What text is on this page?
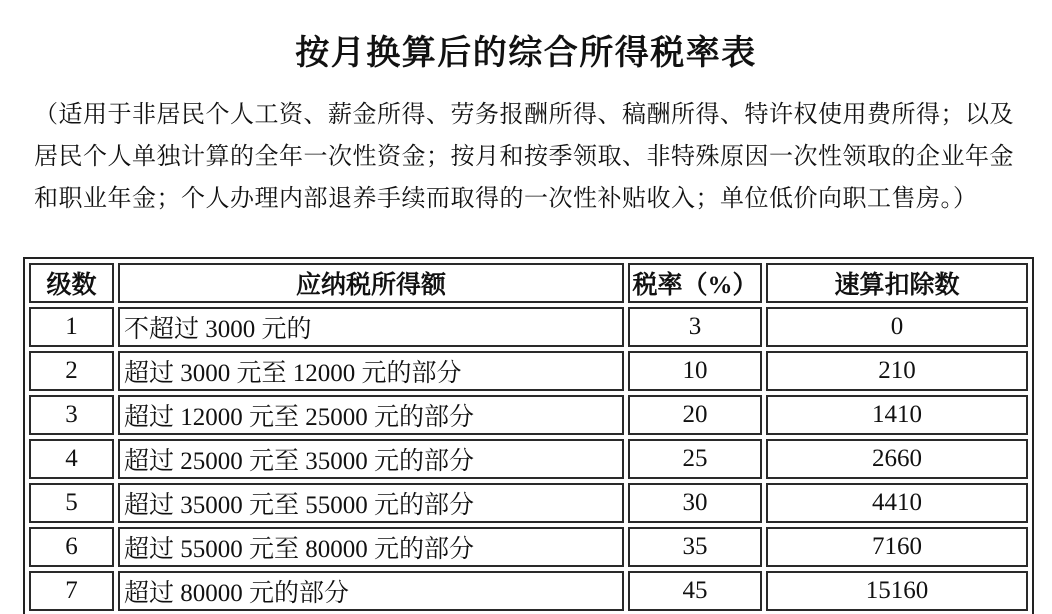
按月换算后的综合所得税率表
（适用于非居民个人工资、薪金所得、劳务报酬所得、稿酬所得、特许权使用费所得；以及
居民个人单独计算的全年一次性资金；按月和按季领取、非特殊原因一次性领取的企业年金
和职业年金；个人办理内部退养手续而取得的一次性补贴收入；单位低价向职工售房。）
级数	应纳税所得额	税率（%）	速算扣除数
1	不超过 3000 元的	3	0
2	超过 3000 元至 12000 元的部分	10	210
3	超过 12000 元至 25000 元的部分	20	1410
4	超过 25000 元至 35000 元的部分	25	2660
5	超过 35000 元至 55000 元的部分	30	4410
6	超过 55000 元至 80000 元的部分	35	7160
7	超过 80000 元的部分	45	15160
